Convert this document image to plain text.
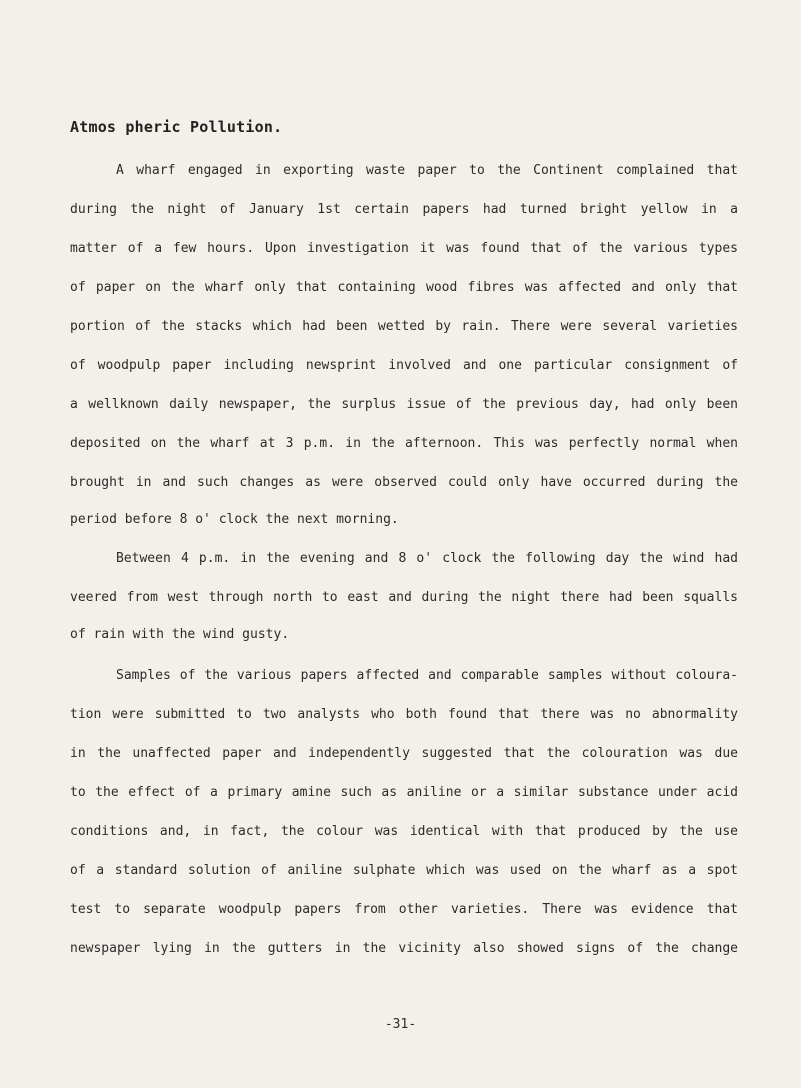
Atmos pheric Pollution.
A wharf engaged in exporting waste paper to the Continent complained that
during the night of January 1st certain papers had turned bright yellow in a
matter of a few hours. Upon investigation it was found that of the various types
of paper on the wharf only that containing wood fibres was affected and only that
portion of the stacks which had been wetted by rain. There were several varieties
of woodpulp paper including newsprint involved and one particular consignment of
a wellknown daily newspaper, the surplus issue of the previous day, had only been
deposited on the wharf at 3 p.m. in the afternoon. This was perfectly normal when
brought in and such changes as were observed could only have occurred during the
period before 8 o' clock the next morning.
Between 4 p.m. in the evening and 8 o' clock the following day the wind had
veered from west through north to east and during the night there had been squalls
of rain with the wind gusty.
Samples of the various papers affected and comparable samples without coloura-
tion were submitted to two analysts who both found that there was no abnormality
in the unaffected paper and independently suggested that the colouration was due
to the effect of a primary amine such as aniline or a similar substance under acid
conditions and, in fact, the colour was identical with that produced by the use
of a standard solution of aniline sulphate which was used on the wharf as a spot
test to separate woodpulp papers from other varieties. There was evidence that
newspaper lying in the gutters in the vicinity also showed signs of the change
-31-
